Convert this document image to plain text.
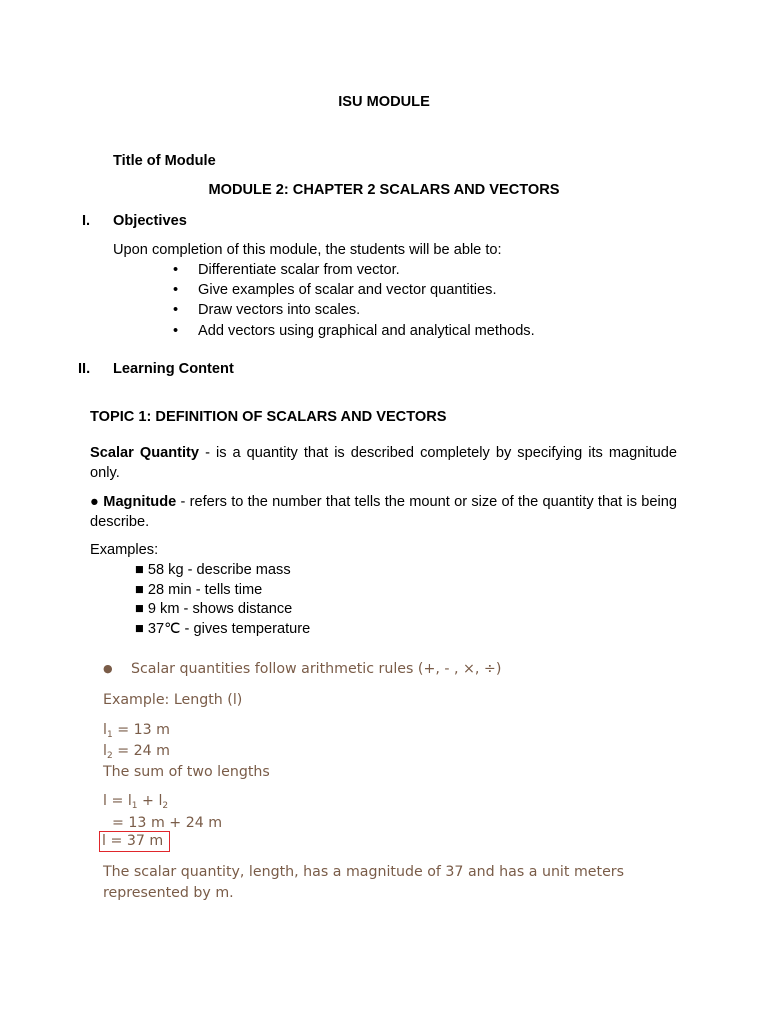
ISU MODULE
Title of Module
MODULE 2: CHAPTER 2 SCALARS AND VECTORS
I. Objectives
Upon completion of this module, the students will be able to:
• Differentiate scalar from vector.
• Give examples of scalar and vector quantities.
• Draw vectors into scales.
• Add vectors using graphical and analytical methods.
II. Learning Content
TOPIC 1: DEFINITION OF SCALARS AND VECTORS
Scalar Quantity - is a quantity that is described completely by specifying its magnitude only.
● Magnitude - refers to the number that tells the mount or size of the quantity that is being describe.
Examples:
■ 58 kg - describe mass
■ 28 min - tells time
■ 9 km - shows distance
■ 37℃ - gives temperature
● Scalar quantities follow arithmetic rules (+, - , ×, ÷)
Example: Length (l)
$l_1 = 13$ m
$l_2 = 24$ m
The sum of two lengths
$l = l_1 + l_2$
= 13 m + 24 m
l = 37 m
The scalar quantity, length, has a magnitude of 37 and has a unit meters
represented by m.
